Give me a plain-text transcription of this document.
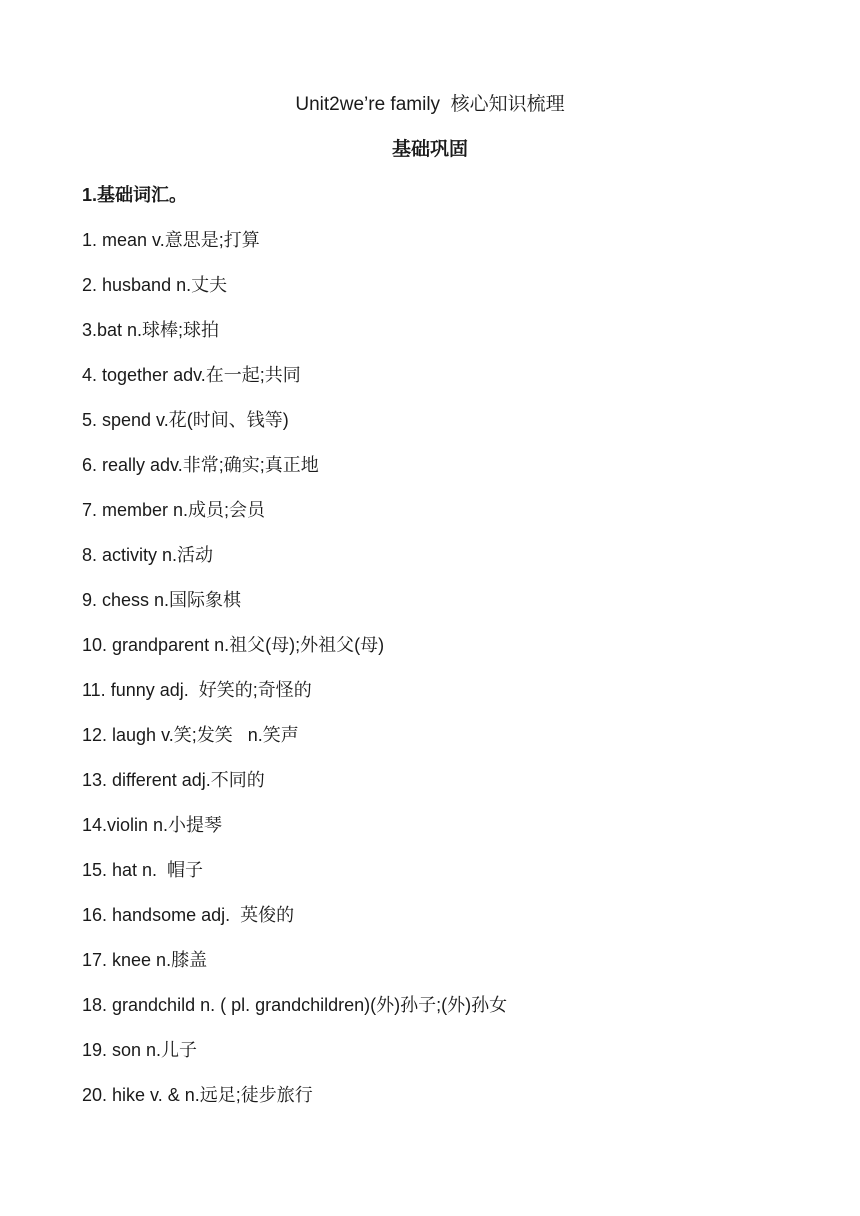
Unit2we’re family  核心知识梳理
基础巩固
1.基础词汇。
1. mean v.意思是;打算
2. husband n.丈夫
3.bat n.球棒;球拍
4. together adv.在一起;共同
5. spend v.花(时间、钱等)
6. really adv.非常;确实;真正地
7. member n.成员;会员
8. activity n.活动
9. chess n.国际象棋
10. grandparent n.祖父(母);外祖父(母)
11. funny adj.  好笑的;奇怪的
12. laugh v.笑;发笑   n.笑声
13. different adj.不同的
14.violin n.小提琴
15. hat n.  帽子
16. handsome adj.  英俊的
17. knee n.膝盖
18. grandchild n. ( pl. grandchildren)(外)孙子;(外)孙女
19. son n.儿子
20. hike v. & n.远足;徒步旅行
